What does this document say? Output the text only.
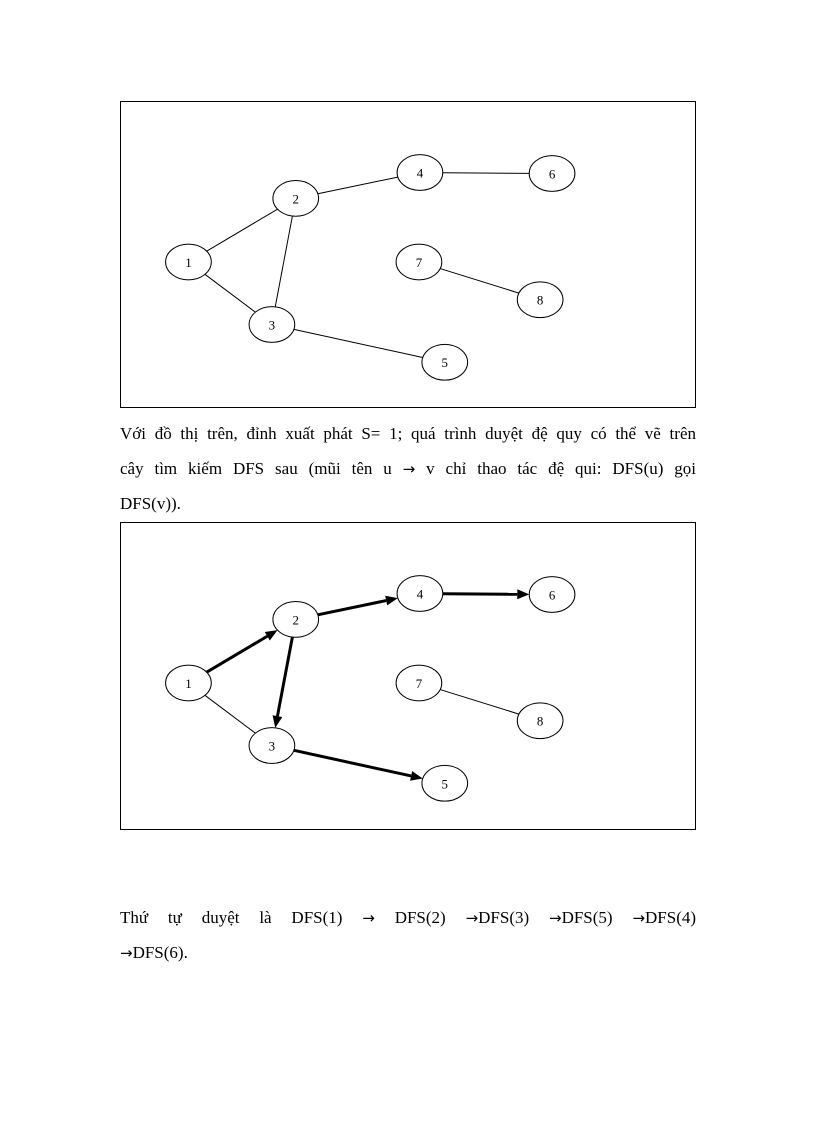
1
2
3
4
5
6
7
8
Với đồ thị trên, đỉnh xuất phát S= 1; quá trình duyệt đệ quy có thể vẽ trên
cây tìm kiếm DFS sau (mũi tên u → v chỉ thao tác đệ qui: DFS(u) gọi
DFS(v)).
1
2
3
4
5
6
7
8
Thứ tự duyệt là DFS(1) → DFS(2) →DFS(3) →DFS(5) →DFS(4)
→DFS(6).
